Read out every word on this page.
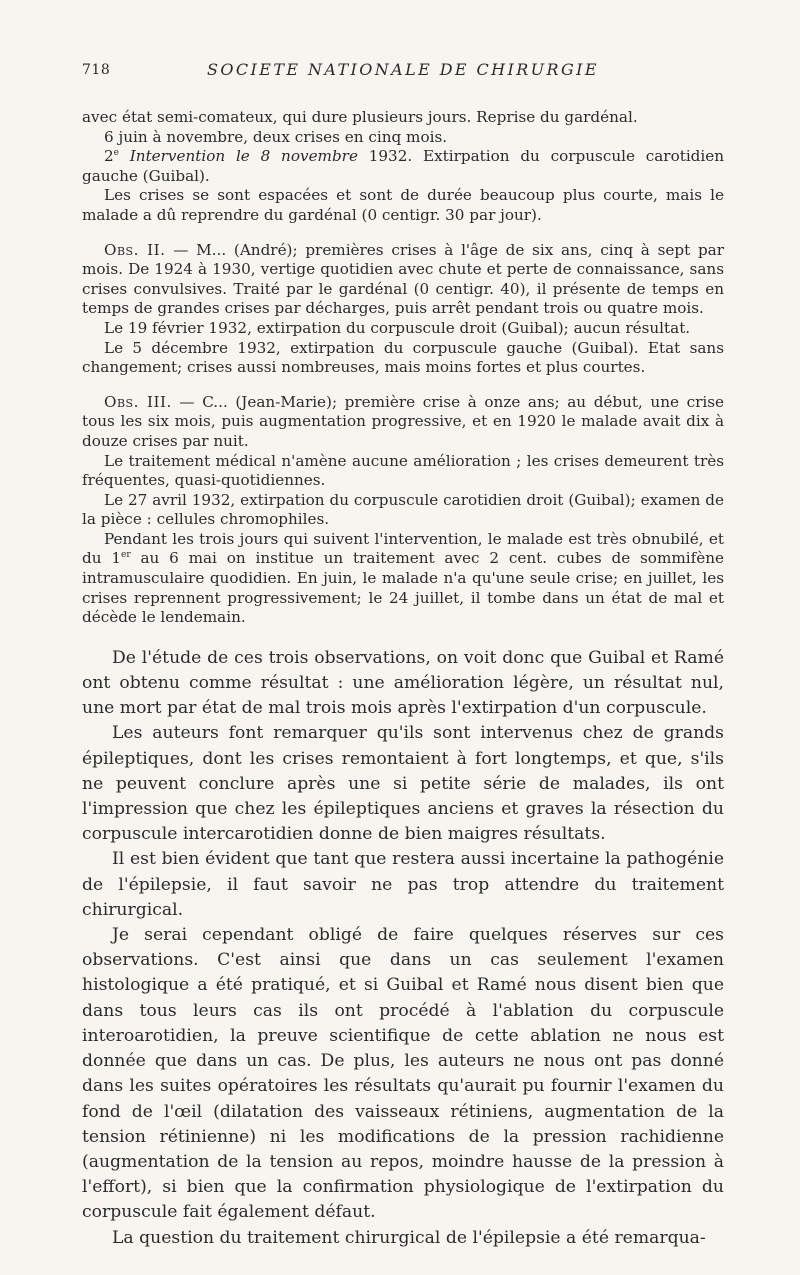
718	SOCIETE NATIONALE DE CHIRURGIE

avec état semi-comateux, qui dure plusieurs jours. Reprise du gardénal.

6 juin à novembre, deux crises en cinq mois.

2e Intervention le 8 novembre 1932. Extirpation du corpuscule carotidien gauche (Guibal).

Les crises se sont espacées et sont de durée beaucoup plus courte, mais le malade a dû reprendre du gardénal (0 centigr. 30 par jour).

Obs. II. — M... (André); premières crises à l'âge de six ans, cinq à sept par mois. De 1924 à 1930, vertige quotidien avec chute et perte de connaissance, sans crises convulsives. Traité par le gardénal (0 centigr. 40), il présente de temps en temps de grandes crises par décharges, puis arrêt pendant trois ou quatre mois.

Le 19 février 1932, extirpation du corpuscule droit (Guibal); aucun résultat.

Le 5 décembre 1932, extirpation du corpuscule gauche (Guibal). Etat sans changement; crises aussi nombreuses, mais moins fortes et plus courtes.

Obs. III. — C... (Jean-Marie); première crise à onze ans; au début, une crise tous les six mois, puis augmentation progressive, et en 1920 le malade avait dix à douze crises par nuit.

Le traitement médical n'amène aucune amélioration ; les crises demeurent très fréquentes, quasi-quotidiennes.

Le 27 avril 1932, extirpation du corpuscule carotidien droit (Guibal); examen de la pièce : cellules chromophiles.

Pendant les trois jours qui suivent l'intervention, le malade est très obnubilé, et du 1er au 6 mai on institue un traitement avec 2 cent. cubes de sommifène intramusculaire quodidien. En juin, le malade n'a qu'une seule crise; en juillet, les crises reprennent progressivement; le 24 juillet, il tombe dans un état de mal et décède le lendemain.

De l'étude de ces trois observations, on voit donc que Guibal et Ramé ont obtenu comme résultat : une amélioration légère, un résultat nul, une mort par état de mal trois mois après l'extirpation d'un corpuscule.

Les auteurs font remarquer qu'ils sont intervenus chez de grands épileptiques, dont les crises remontaient à fort longtemps, et que, s'ils ne peuvent conclure après une si petite série de malades, ils ont l'impression que chez les épileptiques anciens et graves la résection du corpuscule intercarotidien donne de bien maigres résultats.

Il est bien évident que tant que restera aussi incertaine la pathogénie de l'épilepsie, il faut savoir ne pas trop attendre du traitement chirurgical.

Je serai cependant obligé de faire quelques réserves sur ces observations. C'est ainsi que dans un cas seulement l'examen histologique a été pratiqué, et si Guibal et Ramé nous disent bien que dans tous leurs cas ils ont procédé à l'ablation du corpuscule interoarotidien, la preuve scientifique de cette ablation ne nous est donnée que dans un cas. De plus, les auteurs ne nous ont pas donné dans les suites opératoires les résultats qu'aurait pu fournir l'examen du fond de l'œil (dilatation des vaisseaux rétiniens, augmentation de la tension rétinienne) ni les modifications de la pression rachidienne (augmentation de la tension au repos, moindre hausse de la pression à l'effort), si bien que la confirmation physiologique de l'extirpation du corpuscule fait également défaut.

La question du traitement chirurgical de l'épilepsie a été remarqua-
